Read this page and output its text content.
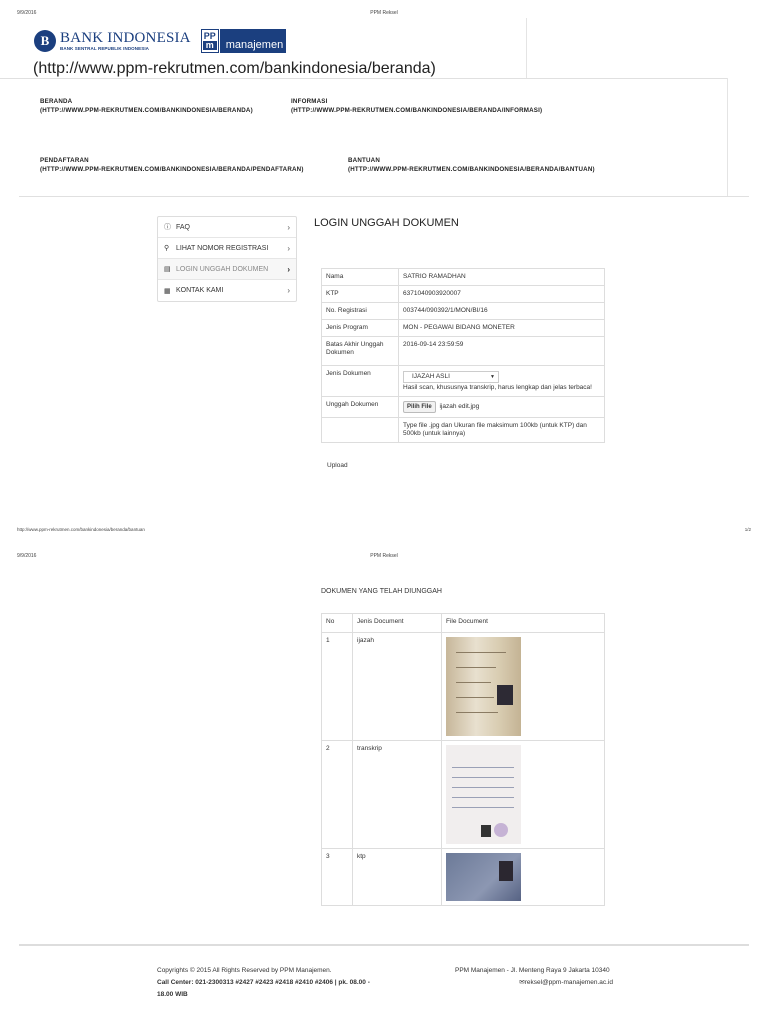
9/9/2016	PPM Reksel
B BANK INDONESIA
BANK SENTRAL REPUBLIK INDONESIA
PP
m	manajemen
(http://www.ppm-rekrutmen.com/bankindonesia/beranda)
BERANDA
(HTTP://WWW.PPM-REKRUTMEN.COM/BANKINDONESIA/BERANDA)
INFORMASI
(HTTP://WWW.PPM-REKRUTMEN.COM/BANKINDONESIA/BERANDA/INFORMASI)
PENDAFTARAN
(HTTP://WWW.PPM-REKRUTMEN.COM/BANKINDONESIA/BERANDA/PENDAFTARAN)
BANTUAN
(HTTP://WWW.PPM-REKRUTMEN.COM/BANKINDONESIA/BERANDA/BANTUAN)
ⓘ FAQ	›
⚲ LIHAT NOMOR REGISTRASI	›
▤ LOGIN UNGGAH DOKUMEN	›
▦ KONTAK KAMI	›
LOGIN UNGGAH DOKUMEN
Nama	SATRIO RAMADHAN
KTP	6371040903920007
No. Registrasi	003744/090392/1/MON/BI/16
Jenis Program	MON - PEGAWAI BIDANG MONETER
Batas Akhir Unggah Dokumen	2016-09-14 23:59:59
Jenis Dokumen	IJAZAH ASLI ▼
Hasil scan, khususnya transkrip, harus lengkap dan jelas terbaca!

Unggah Dokumen	Pilih File ijazah edit.jpg
	Type file .jpg dan Ukuran file maksimum 100kb (untuk KTP) dan 500kb (untuk lainnya)
Upload
http://www.ppm-rekrutmen.com/bankindonesia/beranda/bantuan	1/2
9/9/2016	PPM Reksel
DOKUMEN YANG TELAH DIUNGGAH
No	Jenis Document	File Document
1	ijazah	

2	transkrip	

3	ktp	
Copyrights © 2015 All Rights Reserved by PPM Manajemen.
Call Center: 021-2300313 #2427 #2423 #2418 #2410 #2406 | pk. 08.00 - 18.00 WIB
PPM Manajemen - Jl. Menteng Raya 9 Jakarta 10340
✉reksel@ppm-manajemen.ac.id
